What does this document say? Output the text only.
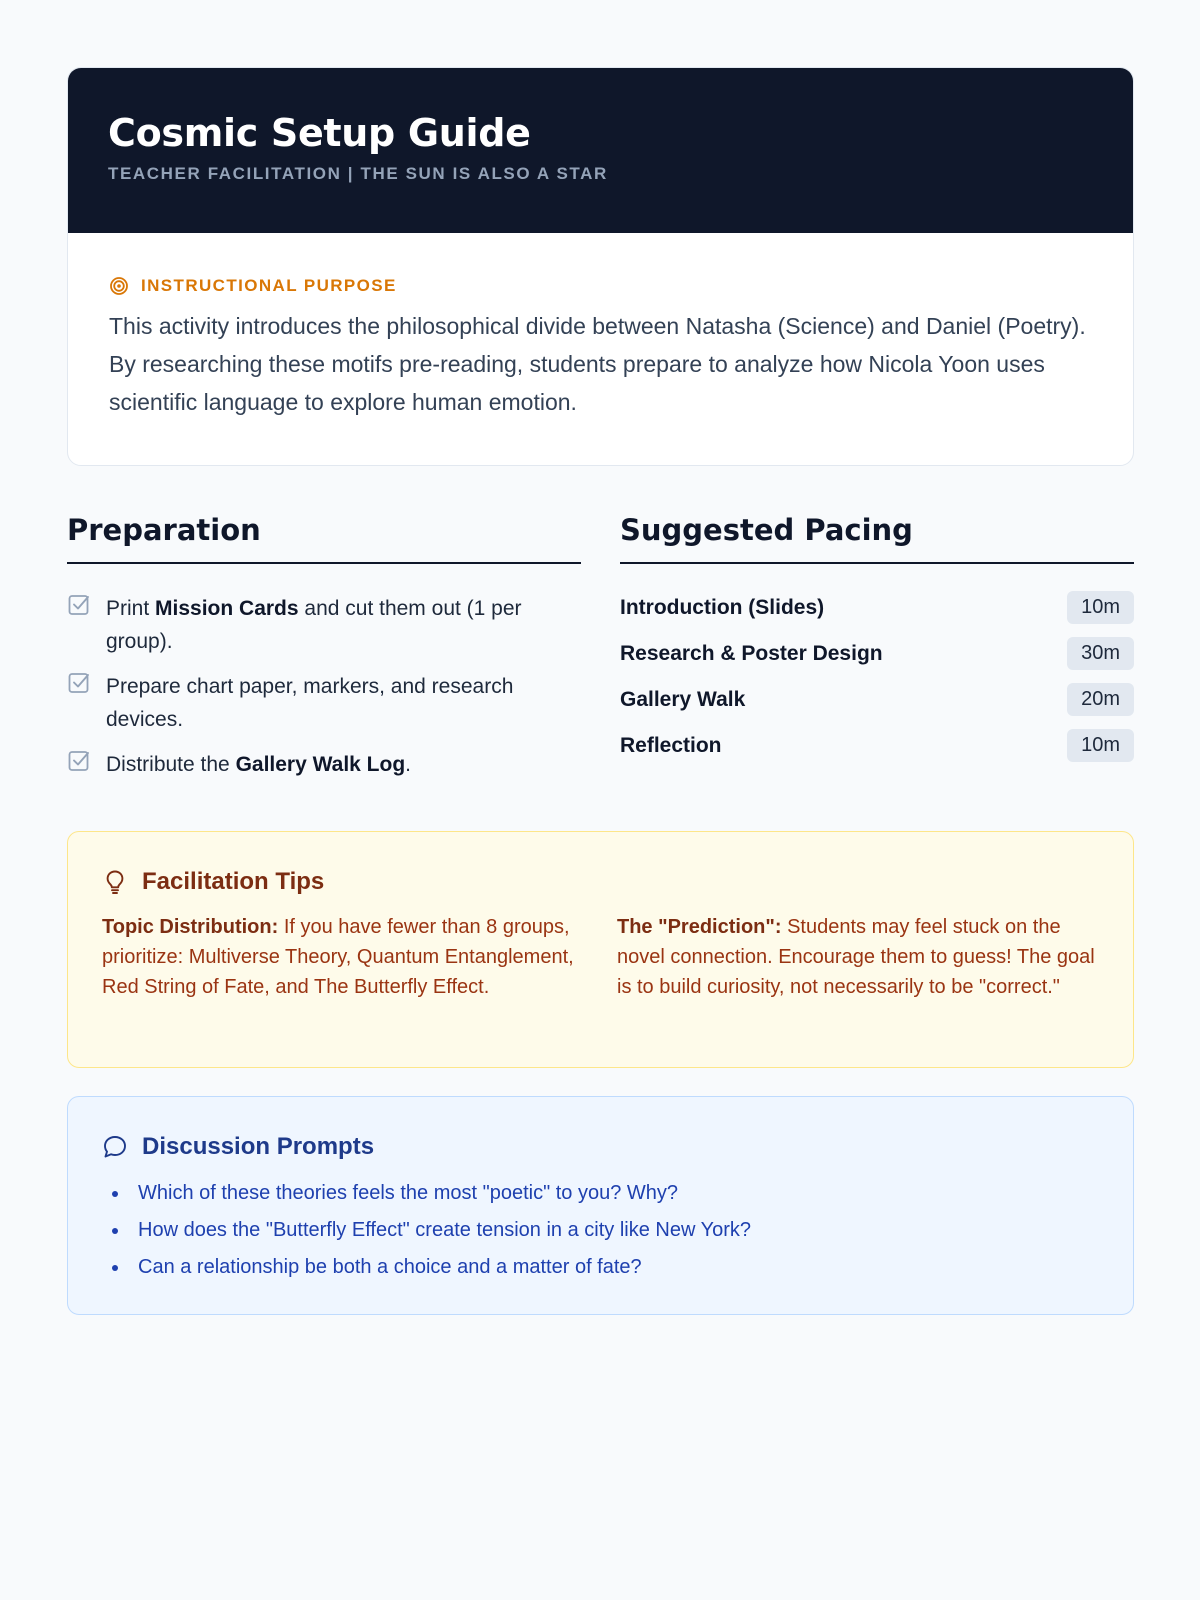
Cosmic Setup Guide
TEACHER FACILITATION | THE SUN IS ALSO A STAR
INSTRUCTIONAL PURPOSE

This activity introduces the philosophical divide between Natasha (Science) and Daniel (Poetry). By researching these motifs pre-reading, students prepare to analyze how Nicola Yoon uses scientific language to explore human emotion.

Preparation
Print Mission Cards and cut them out (1 per group).
Prepare chart paper, markers, and research devices.
Distribute the Gallery Walk Log.
Suggested Pacing
Introduction (Slides)	10m
Research & Poster Design	30m
Gallery Walk	20m
Reflection	10m
Facilitation Tips

Topic Distribution: If you have fewer than 8 groups, prioritize: Multiverse Theory, Quantum Entanglement, Red String of Fate, and The Butterfly Effect.

The "Prediction": Students may feel stuck on the novel connection. Encourage them to guess! The goal is to build curiosity, not necessarily to be "correct."

Discussion Prompts
Which of these theories feels the most "poetic" to you? Why?
How does the "Butterfly Effect" create tension in a city like New York?
Can a relationship be both a choice and a matter of fate?
